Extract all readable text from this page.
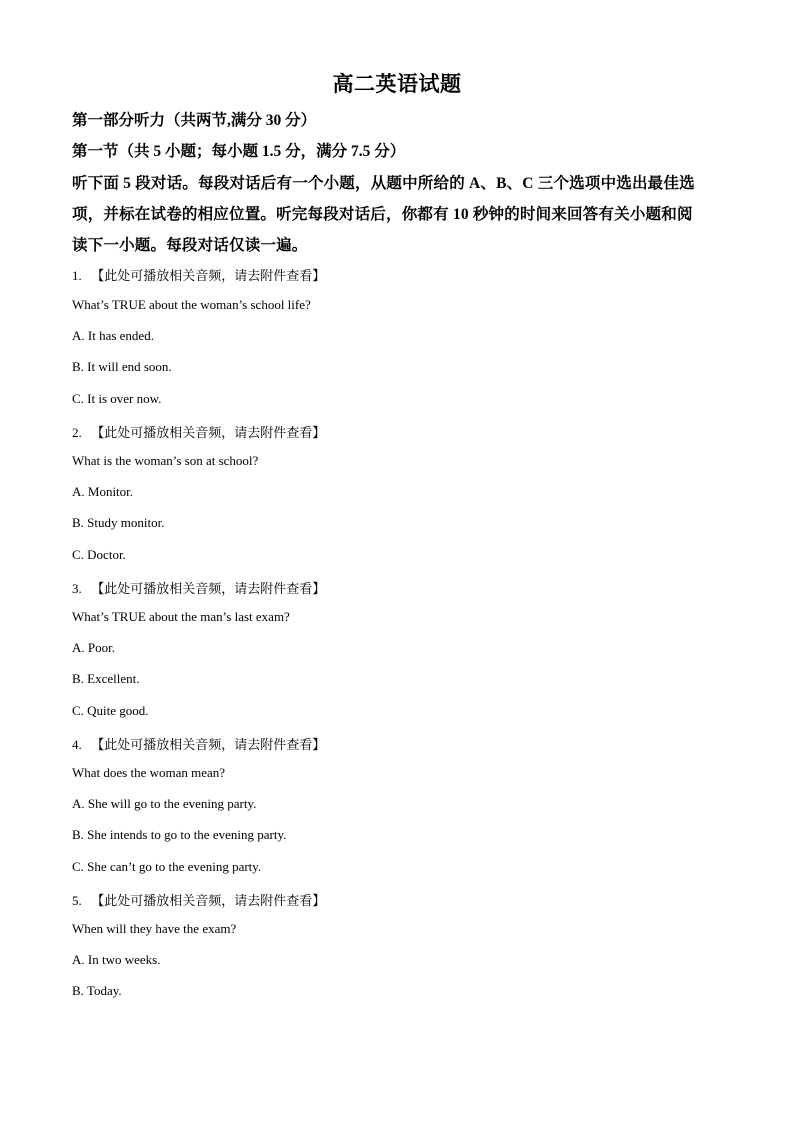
高二英语试题
第一部分听力（共两节,满分 30 分）
第一节（共 5 小题；每小题 1.5 分，满分 7.5 分）
听下面 5 段对话。每段对话后有一个小题，从题中所给的 A、B、C 三个选项中选出最佳选
项，并标在试卷的相应位置。听完每段对话后，你都有 10 秒钟的时间来回答有关小题和阅
读下一小题。每段对话仅读一遍。
1. 【此处可播放相关音频，请去附件查看】
What’s TRUE about the woman’s school life?
A. It has ended.
B. It will end soon.
C. It is over now.
2. 【此处可播放相关音频，请去附件查看】
What is the woman’s son at school?
A. Monitor.
B. Study monitor.
C. Doctor.
3. 【此处可播放相关音频，请去附件查看】
What’s TRUE about the man’s last exam?
A. Poor.
B. Excellent.
C. Quite good.
4. 【此处可播放相关音频，请去附件查看】
What does the woman mean?
A. She will go to the evening party.
B. She intends to go to the evening party.
C. She can’t go to the evening party.
5. 【此处可播放相关音频，请去附件查看】
When will they have the exam?
A. In two weeks.
B. Today.
